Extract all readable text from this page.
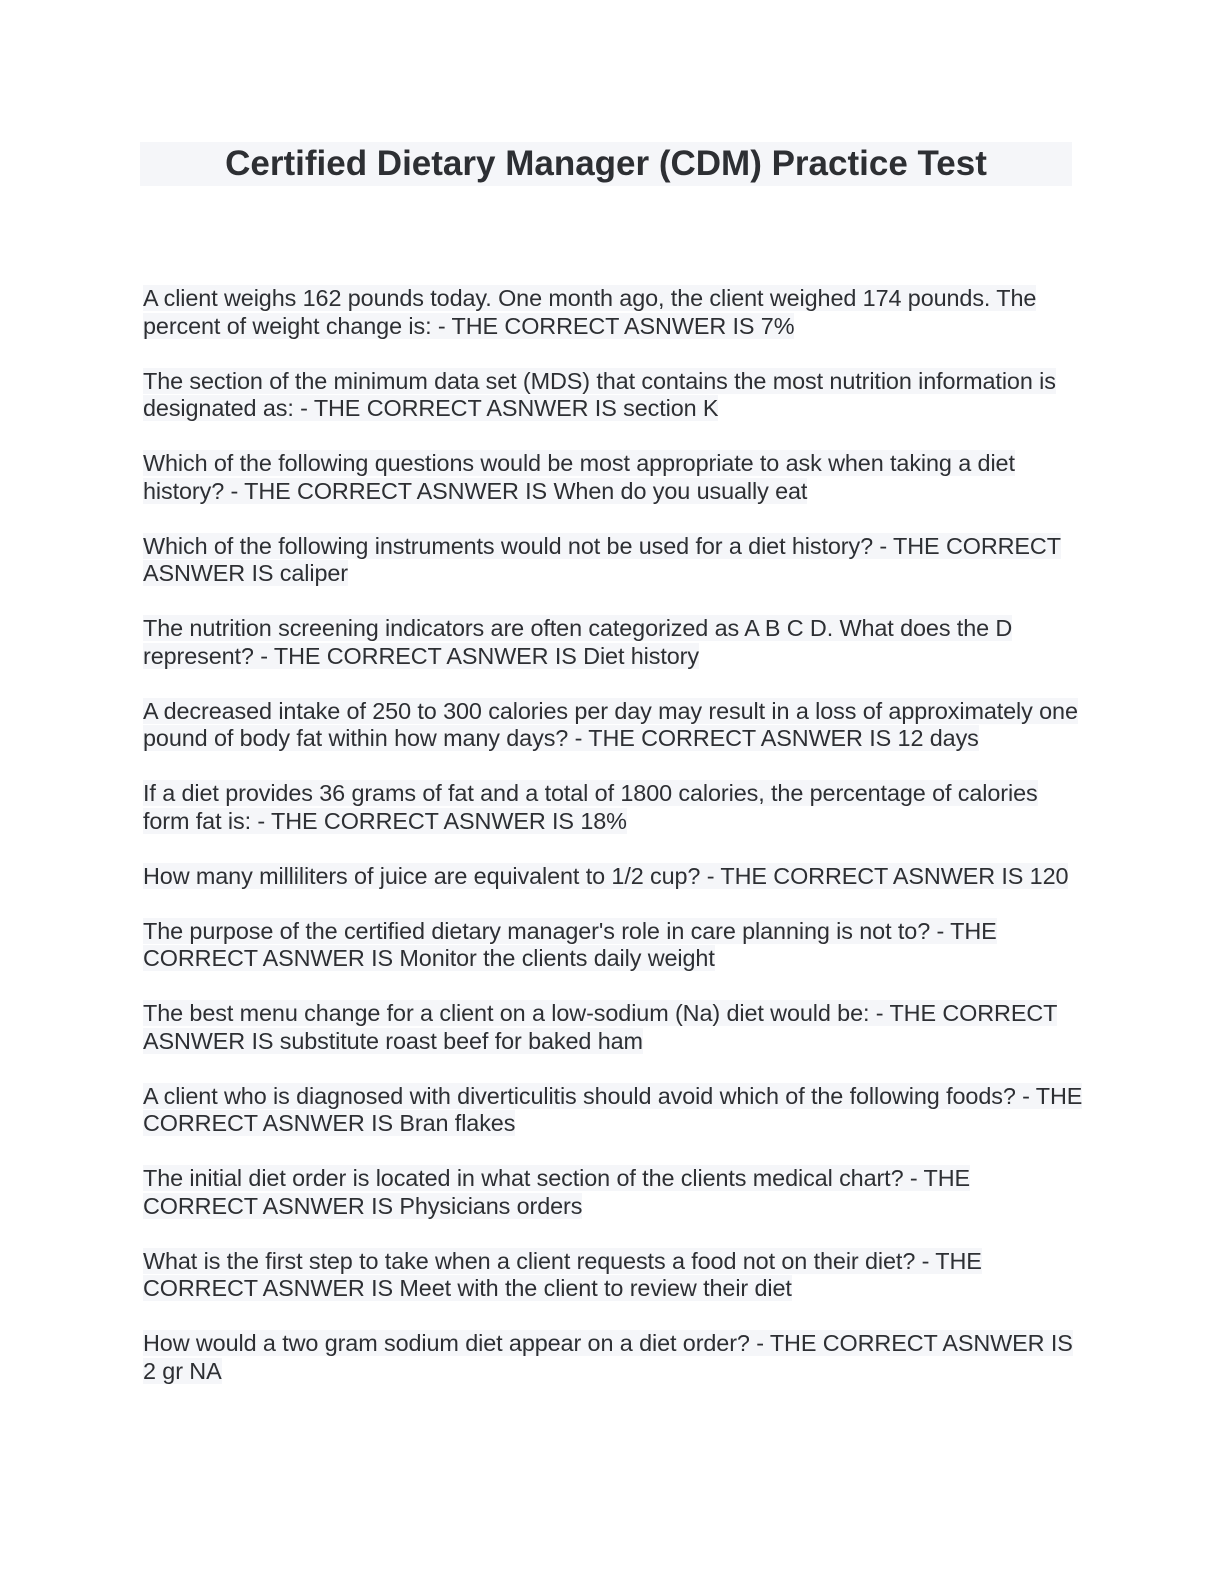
Certified Dietary Manager (CDM) Practice Test
A client weighs 162 pounds today. One month ago, the client weighed 174 pounds. The percent of weight change is: - THE CORRECT ASNWER IS 7%
The section of the minimum data set (MDS) that contains the most nutrition information is designated as: - THE CORRECT ASNWER IS section K
Which of the following questions would be most appropriate to ask when taking a diet history? - THE CORRECT ASNWER IS When do you usually eat
Which of the following instruments would not be used for a diet history? - THE CORRECT ASNWER IS caliper
The nutrition screening indicators are often categorized as A B C D. What does the D represent? - THE CORRECT ASNWER IS Diet history
A decreased intake of 250 to 300 calories per day may result in a loss of approximately one pound of body fat within how many days? - THE CORRECT ASNWER IS 12 days
If a diet provides 36 grams of fat and a total of 1800 calories, the percentage of calories form fat is: - THE CORRECT ASNWER IS 18%
How many milliliters of juice are equivalent to 1/2 cup? - THE CORRECT ASNWER IS 120
The purpose of the certified dietary manager's role in care planning is not to? - THE CORRECT ASNWER IS Monitor the clients daily weight
The best menu change for a client on a low-sodium (Na) diet would be: - THE CORRECT ASNWER IS substitute roast beef for baked ham
A client who is diagnosed with diverticulitis should avoid which of the following foods? - THE CORRECT ASNWER IS Bran flakes
The initial diet order is located in what section of the clients medical chart? - THE CORRECT ASNWER IS Physicians orders
What is the first step to take when a client requests a food not on their diet? - THE CORRECT ASNWER IS Meet with the client to review their diet
How would a two gram sodium diet appear on a diet order? - THE CORRECT ASNWER IS 2 gr NA
